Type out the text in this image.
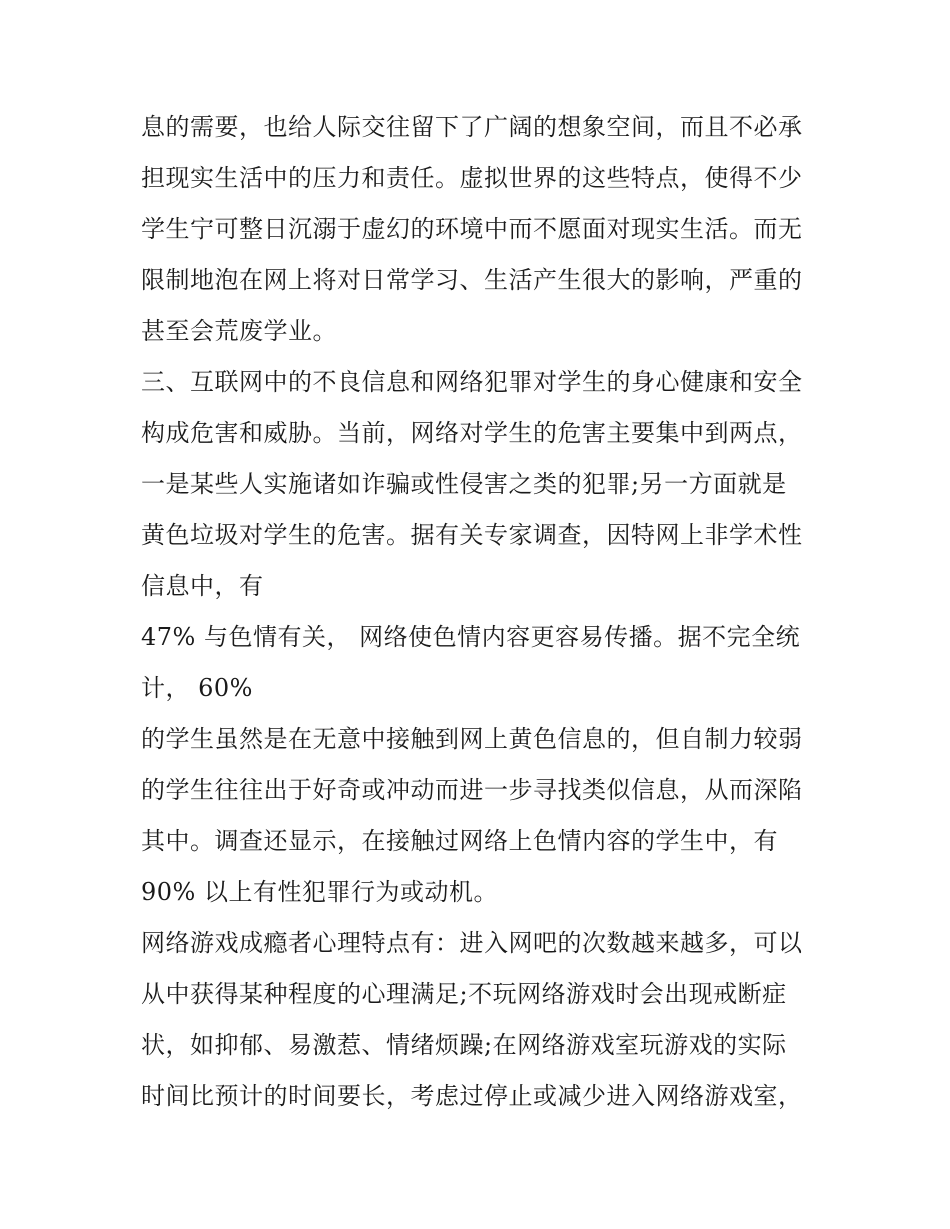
息的需要，也给人际交往留下了广阔的想象空间，而且不必承
担现实生活中的压力和责任。虚拟世界的这些特点，使得不少
学生宁可整日沉溺于虚幻的环境中而不愿面对现实生活。而无
限制地泡在网上将对日常学习、生活产生很大的影响，严重的
甚至会荒废学业。
三、互联网中的不良信息和网络犯罪对学生的身心健康和安全
构成危害和威胁。当前，网络对学生的危害主要集中到两点，
一是某些人实施诸如诈骗或性侵害之类的犯罪;另一方面就是
黄色垃圾对学生的危害。据有关专家调查，因特网上非学术性
信息中，有
47% 与色情有关， 网络使色情内容更容易传播。据不完全统
计， 60%
的学生虽然是在无意中接触到网上黄色信息的，但自制力较弱
的学生往往出于好奇或冲动而进一步寻找类似信息，从而深陷
其中。调查还显示，在接触过网络上色情内容的学生中，有
90% 以上有性犯罪行为或动机。
网络游戏成瘾者心理特点有：进入网吧的次数越来越多，可以
从中获得某种程度的心理满足;不玩网络游戏时会出现戒断症
状，如抑郁、易激惹、情绪烦躁;在网络游戏室玩游戏的实际
时间比预计的时间要长，考虑过停止或减少进入网络游戏室，
